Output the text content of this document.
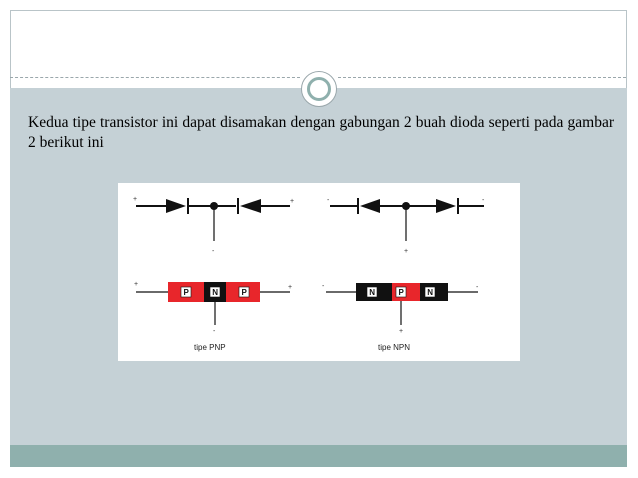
Kedua tipe transistor ini dapat disamakan dengan gabungan 2 buah dioda seperti pada gambar 2 berikut ini
+	+
-
-	-
+
P	N	P
+	+
-
tipe PNP
N	P	N
-	-
+
tipe NPN
